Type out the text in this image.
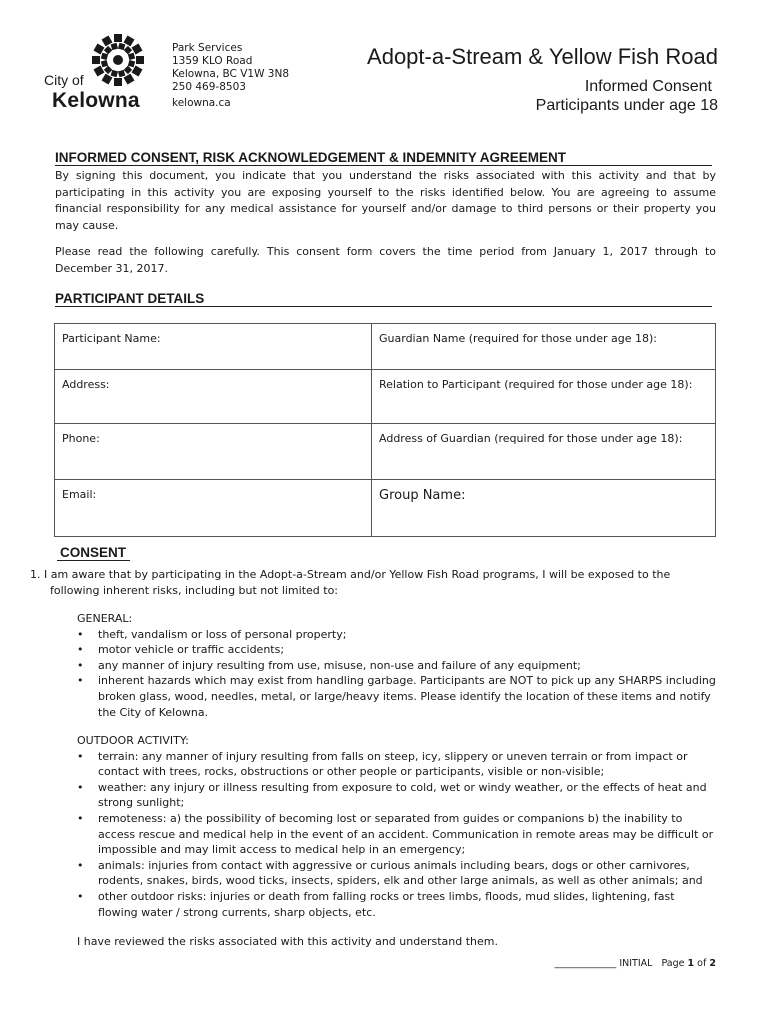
City of
Kelowna
Park Services
1359 KLO Road
Kelowna, BC V1W 3N8
250 469-8503
kelowna.ca
Adopt-a-Stream & Yellow Fish Road
Informed Consent
Participants under age 18
INFORMED CONSENT, RISK ACKNOWLEDGEMENT & INDEMNITY AGREEMENT
By signing this document, you indicate that you understand the risks associated with this activity and that by participating in this activity you are exposing yourself to the risks identified below. You are agreeing to assume financial responsibility for any medical assistance for yourself and/or damage to third persons or their property you may cause.
Please read the following carefully. This consent form covers the time period from January 1, 2017 through to December 31, 2017.
PARTICIPANT DETAILS
Participant Name:	Guardian Name (required for those under age 18):
Address:	Relation to Participant (required for those under age 18):
Phone:	Address of Guardian (required for those under age 18):
Email:	Group Name:
CONSENT
1. I am aware that by participating in the Adopt-a-Stream and/or Yellow Fish Road programs, I will be exposed to the following inherent risks, including but not limited to:
GENERAL:
• theft, vandalism or loss of personal property;
• motor vehicle or traffic accidents;
• any manner of injury resulting from use, misuse, non-use and failure of any equipment;
• inherent hazards which may exist from handling garbage. Participants are NOT to pick up any SHARPS including broken glass, wood, needles, metal, or large/heavy items. Please identify the location of these items and notify the City of Kelowna.
OUTDOOR ACTIVITY:
• terrain: any manner of injury resulting from falls on steep, icy, slippery or uneven terrain or from impact or contact with trees, rocks, obstructions or other people or participants, visible or non-visible;
• weather: any injury or illness resulting from exposure to cold, wet or windy weather, or the effects of heat and strong sunlight;
• remoteness: a) the possibility of becoming lost or separated from guides or companions b) the inability to access rescue and medical help in the event of an accident. Communication in remote areas may be difficult or impossible and may limit access to medical help in an emergency;
• animals: injuries from contact with aggressive or curious animals including bears, dogs or other carnivores, rodents, snakes, birds, wood ticks, insects, spiders, elk and other large animals, as well as other animals; and
• other outdoor risks: injuries or death from falling rocks or trees limbs, floods, mud slides, lightening, fast flowing water / strong currents, sharp objects, etc.
I have reviewed the risks associated with this activity and understand them.
_____________ INITIAL Page 1 of 2
